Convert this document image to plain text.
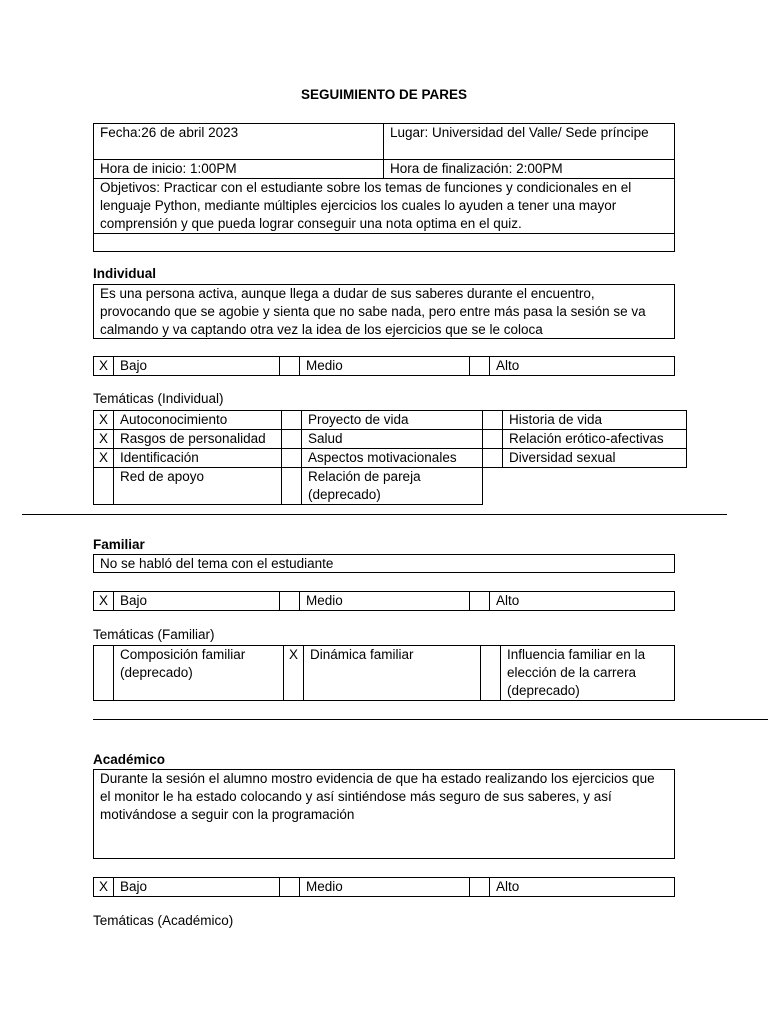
SEGUIMIENTO DE PARES
Fecha:26 de abril 2023	Lugar: Universidad del Valle/ Sede príncipe
Hora de inicio: 1:00PM	Hora de finalización: 2:00PM
Objetivos: Practicar con el estudiante sobre los temas de funciones y condicionales en el lenguaje Python, mediante múltiples ejercicios los cuales lo ayuden a tener una mayor comprensión y que pueda lograr conseguir una nota optima en el quiz.	

Individual
Es una persona activa, aunque llega a dudar de sus saberes durante el encuentro, provocando que se agobie y sienta que no sabe nada, pero entre más pasa la sesión se va calmando y va captando otra vez la idea de los ejercicios que se le coloca
X	Bajo		Medio		Alto
Temáticas (Individual)
X	Autoconocimiento		Proyecto de vida		Historia de vida
X	Rasgos de personalidad		Salud		Relación erótico-afectivas
X	Identificación		Aspectos motivacionales		Diversidad sexual
	Red de apoyo		Relación de pareja (deprecado)		
Familiar
No se habló del tema con el estudiante
X	Bajo		Medio		Alto
Temáticas (Familiar)
	Composición familiar (deprecado)	X	Dinámica familiar		Influencia familiar en la elección de la carrera (deprecado)
Académico
Durante la sesión el alumno mostro evidencia de que ha estado realizando los ejercicios que el monitor le ha estado colocando y así sintiéndose más seguro de sus saberes, y así motivándose a seguir con la programación
X	Bajo		Medio		Alto
Temáticas (Académico)
